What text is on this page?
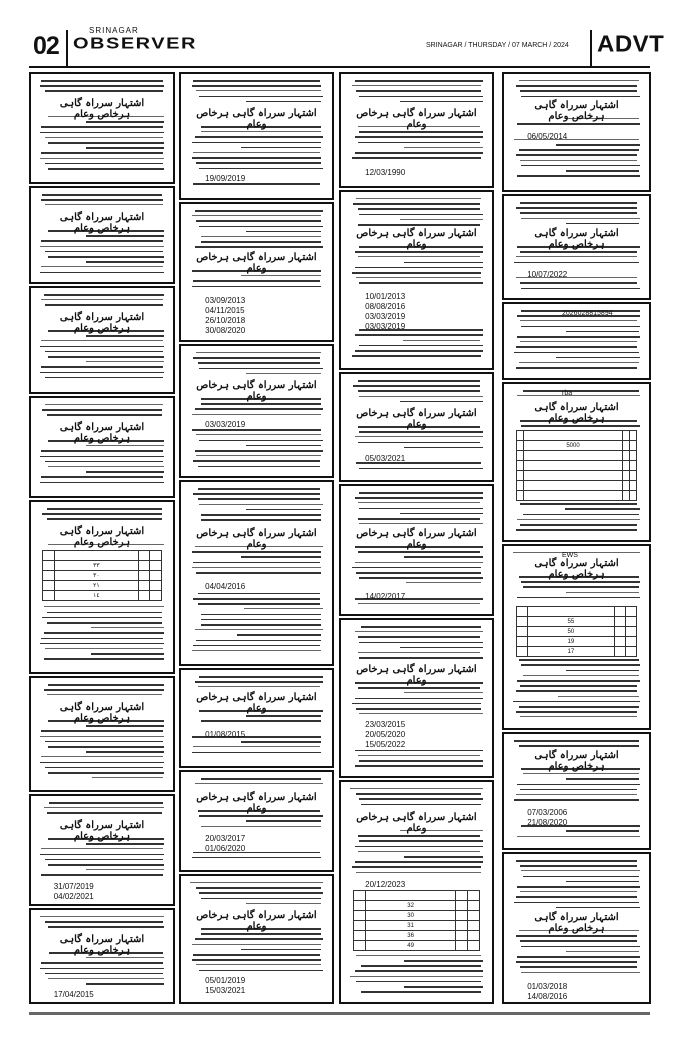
02
SRINAGAR
OBSERVER	SRINAGAR / THURSDAY / 07 MARCH / 2024 ADVT
اشتہار سرراہ گاہی ہرخاص وعام
اشتہار سرراہ گاہی ہرخاص وعام
اشتہار سرراہ گاہی ہرخاص وعام
اشتہار سرراہ گاہی ہرخاص وعام
اشتہار سرراہ گاہی ہرخاص وعام

	٣٣		
	٣٠		
	٢١		
	١٤		
اشتہار سرراہ گاہی ہرخاص وعام
اشتہار سرراہ گاہی ہرخاص وعام
31/07/2019
04/02/2021
اشتہار سرراہ گاہی ہرخاص وعام
17/04/2015
اشتہار سرراہ گاہی ہرخاص وعام
19/09/2019
اشتہار سرراہ گاہی ہرخاص وعام
03/09/2013
04/11/2015
26/10/2018
30/08/2020
اشتہار سرراہ گاہی ہرخاص وعام
03/03/2019
اشتہار سرراہ گاہی ہرخاص وعام
04/04/2016
اشتہار سرراہ گاہی ہرخاص وعام
01/08/2015
اشتہار سرراہ گاہی ہرخاص وعام
20/03/2017
01/06/2020
اشتہار سرراہ گاہی ہرخاص وعام
05/01/2019
15/03/2021
اشتہار سرراہ گاہی ہرخاص وعام
12/03/1990
اشتہار سرراہ گاہی ہرخاص وعام
10/01/2013
08/08/2016
03/03/2019
03/03/2019
اشتہار سرراہ گاہی ہرخاص وعام
05/03/2021
اشتہار سرراہ گاہی ہرخاص وعام
14/02/2017
اشتہار سرراہ گاہی ہرخاص وعام
23/03/2015
20/05/2020
15/05/2022
اشتہار سرراہ گاہی ہرخاص وعام
20/12/2023

	32		
	30		
	31		
	36		
	49		
اشتہار سرراہ گاہی ہرخاص وعام
06/05/2014
اشتہار سرراہ گاہی ہرخاص وعام
10/07/2022
2026028815894
اشتہار سرراہ گاہی ہرخاص وعام
rba

	5000		

اشتہار سرراہ گاہی ہرخاص وعام
EWS

	55		
	50		
	19		
	17		
اشتہار سرراہ گاہی ہرخاص وعام
07/03/2006
21/08/2020
اشتہار سرراہ گاہی ہرخاص وعام
01/03/2018
14/08/2016
